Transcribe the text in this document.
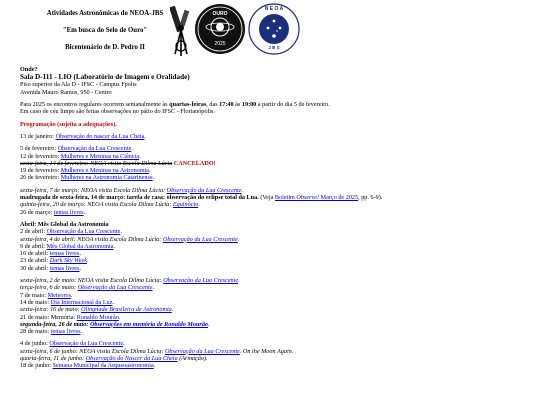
Atividades Astronômicas do NEOA-JBS
"Em busca do Selo de Ouro"
Bicentenário de D. Pedro II
OURO
2025
N E O A
J B S
Onde?
Sala D-111 - LIO (Laboratório de Imagem e Oralidade)
Piso superior da Ala D - IFSC - Campus Fpolis
Avenida Mauro Ramos, 950 - Centro
Para 2025 os encontros regulares ocorrem semanalmente às quartas-feiras, das 17:40 às 19:00 a partir do dia 5 de fevereiro.
Em caso de céu limpo são feitas observações no pátio do IFSC - Florianópolis.
Programação (sujeita a adequações).
13 de janeiro: Observação do nascer da Lua Cheia.
5 de fevereiro: Observação da Lua Crescente.
12 de fevereiro: Mulheres e Meninas na Ciência.
sexta-feira, 14 de fevereiro: NEOA visita Escola Dilma Lúcia CANCELADO!
19 de fevereiro: Mulheres e Meninas na Astronomia.
26 de fevereiro: Mulheres na Astronomia Catarinense.
sexta-feira, 7 de março: NEOA visita Escola Dilma Lúcia: Observação da Lua Crescente.
madrugada de sexta-feira, 14 de março: tarefa de casa: observação do eclipse total da Lua. (Veja Boletim Observe! Março de 2025, pp. 6-9).
quinta-feira, 20 de março: NEOA visita Escola Dilma Lúcia: Equinócio.
26 de março: temas livres.
Abril: Mês Global da Astronomia
2 de abril: Observação da Lua Crescente.
sexta-feira, 4 de abril: NEOA visita Escola Dilma Lúcia: Observação da Lua Crescente.
9 de abril: Mês Global da Astronomia.
16 de abril: temas livres.
23 de abril: Dark Sky Week.
30 de abril: temas livres.
sexta-feira, 2 de maio: NEOA visita Escola Dilma Lúcia: Observação da Lua Crescente.
terça-feira, 6 de maio: Observação da Lua Crescente.
7 de maio: Meteoros.
14 de maio: Dia Internacional da Luz.
sexta-feira: 16 de maio: Olimpíada Brasileira de Astronomia.
21 de maio: Memória: Ronaldo Mourão.
segunda-feira, 26 de maio: Observações em memória de Ronaldo Mourão.
28 de maio: temas livres.
4 de junho: Observação da Lua Crescente.
sexta-feira, 6 de junho: NEOA visita Escola Dilma Lúcia: Observação da Lua Crescente. On the Moon Again.
quarta-feira, 11 de junho: Observação do Nascer da Lua Cheia (Armação).
18 de junho: Semana Municipal da Arqueoastronomia.
